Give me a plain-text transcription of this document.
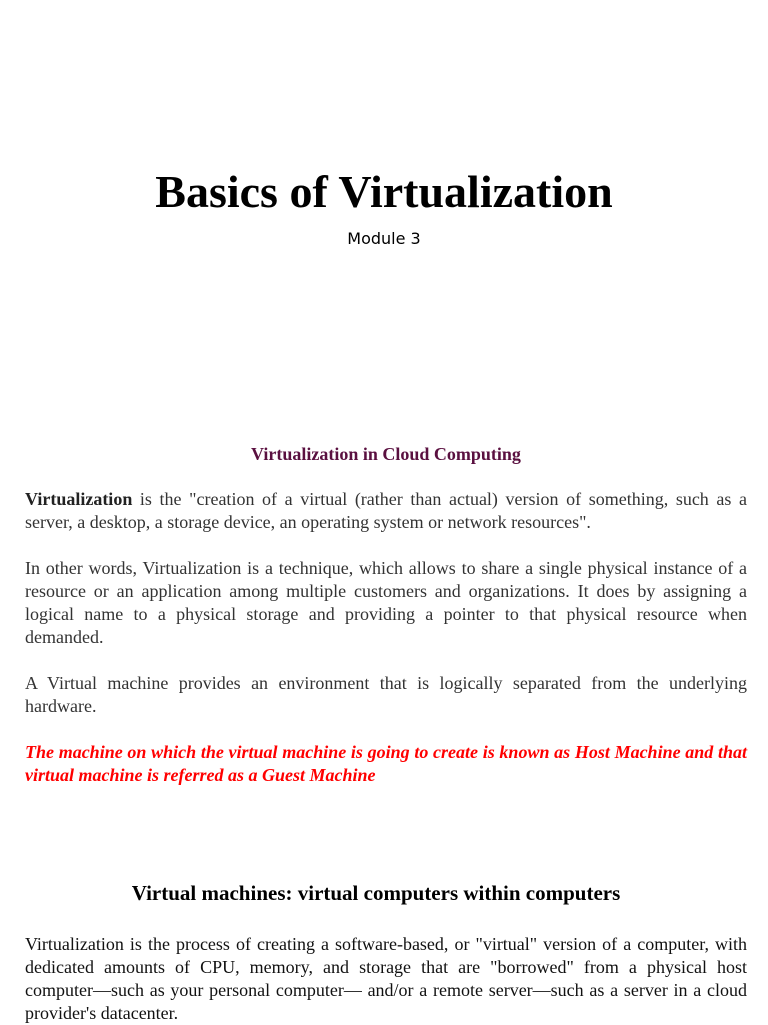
Basics of Virtualization
Module 3
Virtualization in Cloud Computing

Virtualization is the "creation of a virtual (rather than actual) version of something, such as a server, a desktop, a storage device, an operating system or network resources".

In other words, Virtualization is a technique, which allows to share a single physical instance of a resource or an application among multiple customers and organizations. It does by assigning a logical name to a physical storage and providing a pointer to that physical resource when demanded.

A Virtual machine provides an environment that is logically separated from the underlying hardware.

The machine on which the virtual machine is going to create is known as Host Machine and that virtual machine is referred as a Guest Machine

Virtual machines: virtual computers within computers

Virtualization is the process of creating a software-based, or "virtual" version of a computer, with dedicated amounts of CPU, memory, and storage that are "borrowed" from a physical host computer—such as your personal computer— and/or a remote server—such as a server in a cloud provider's datacenter.
